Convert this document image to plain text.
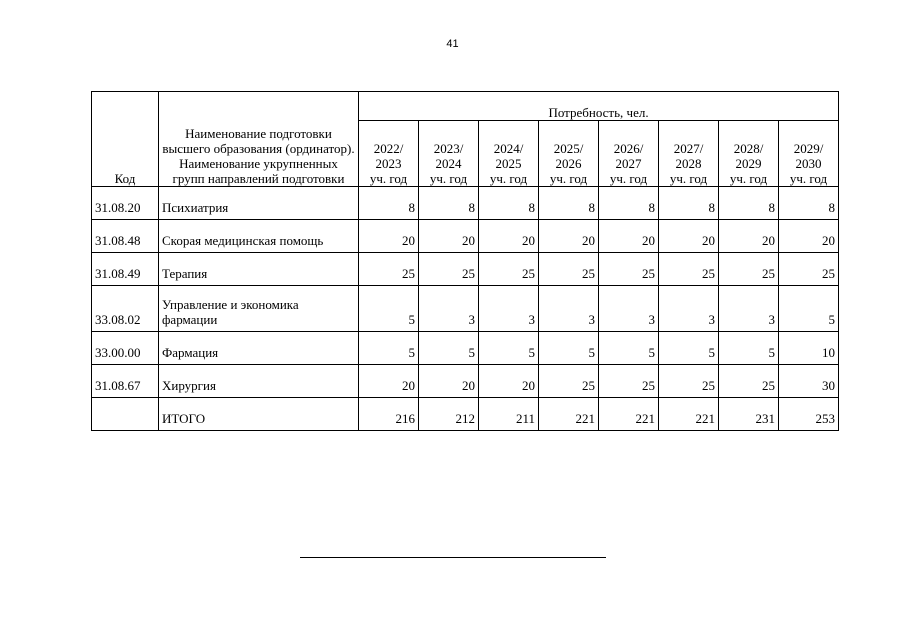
41
Код	Наименование подготовки высшего образования (ординатор). Наименование укрупненных групп направлений подготовки	Потребность, чел.							
		2022/
2023
уч. год	2023/
2024
уч. год	2024/
2025
уч. год	2025/
2026
уч. год	2026/
2027
уч. год	2027/
2028
уч. год	2028/
2029
уч. год	2029/
2030
уч. год
31.08.20	Психиатрия	8	8	8	8	8	8	8	8
31.08.48	Скорая медицинская помощь	20	20	20	20	20	20	20	20
31.08.49	Терапия	25	25	25	25	25	25	25	25
33.08.02	Управление и экономика фармации	5	3	3	3	3	3	3	5
33.00.00	Фармация	5	5	5	5	5	5	5	10
31.08.67	Хирургия	20	20	20	25	25	25	25	30
	ИТОГО	216	212	211	221	221	221	231	253
